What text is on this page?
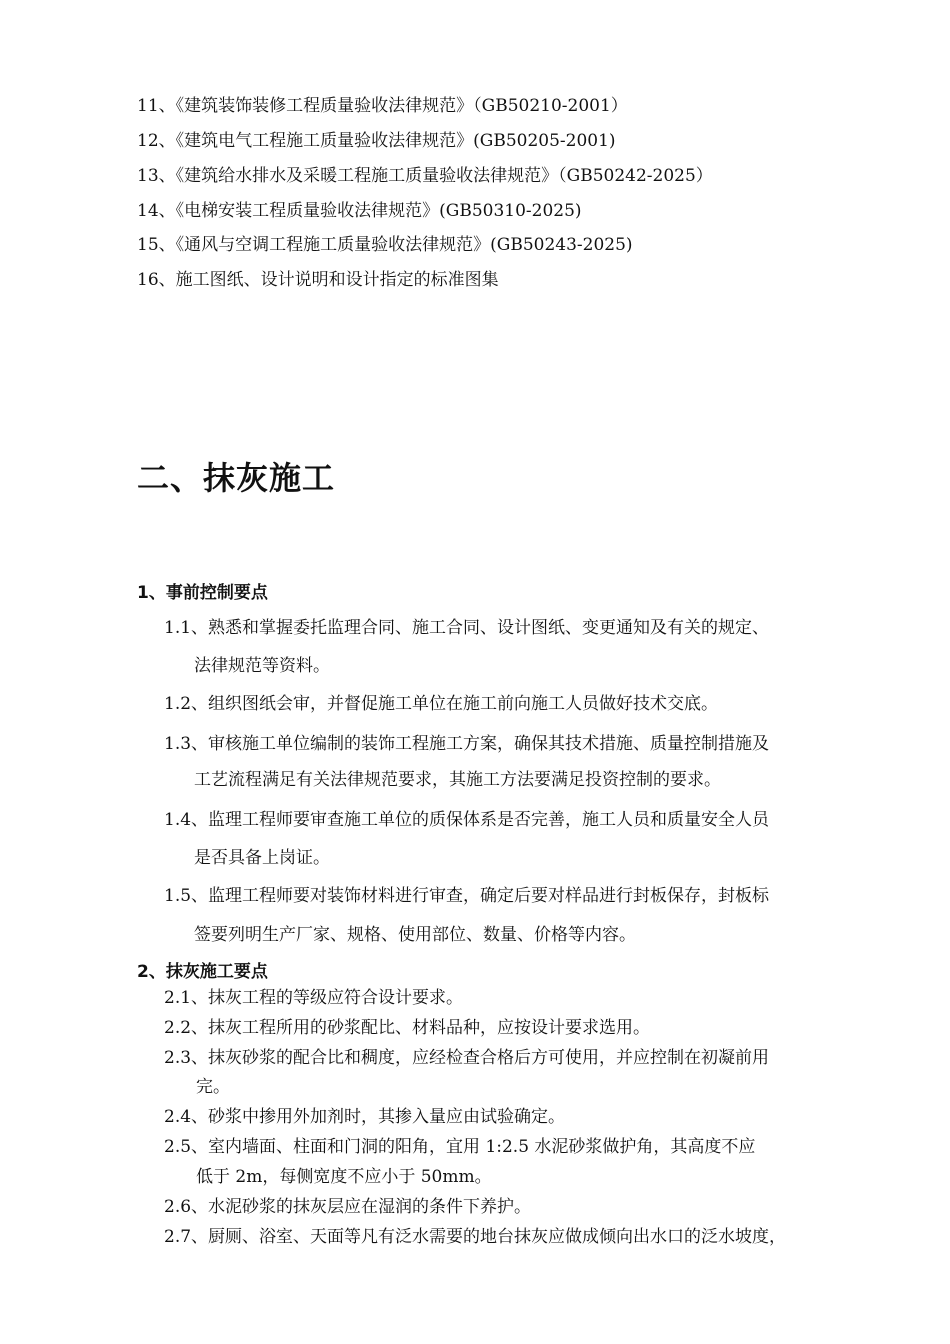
11、《建筑装饰装修工程质量验收法律规范》（GB50210-2001）
12、《建筑电气工程施工质量验收法律规范》(GB50205-2001)
13、《建筑给水排水及采暖工程施工质量验收法律规范》（GB50242-2025）
14、《电梯安装工程质量验收法律规范》(GB50310-2025)
15、《通风与空调工程施工质量验收法律规范》(GB50243-2025)
16、施工图纸、设计说明和设计指定的标准图集
二、抹灰施工
1、事前控制要点
1.1、熟悉和掌握委托监理合同、施工合同、设计图纸、变更通知及有关的规定、
法律规范等资料。
1.2、组织图纸会审，并督促施工单位在施工前向施工人员做好技术交底。
1.3、审核施工单位编制的装饰工程施工方案，确保其技术措施、质量控制措施及
工艺流程满足有关法律规范要求，其施工方法要满足投资控制的要求。
1.4、监理工程师要审查施工单位的质保体系是否完善，施工人员和质量安全人员
是否具备上岗证。
1.5、监理工程师要对装饰材料进行审查，确定后要对样品进行封板保存，封板标
签要列明生产厂家、规格、使用部位、数量、价格等内容。
2、抹灰施工要点
2.1、抹灰工程的等级应符合设计要求。
2.2、抹灰工程所用的砂浆配比、材料品种，应按设计要求选用。
2.3、抹灰砂浆的配合比和稠度，应经检查合格后方可使用，并应控制在初凝前用
完。
2.4、砂浆中掺用外加剂时，其掺入量应由试验确定。
2.5、室内墙面、柱面和门洞的阳角，宜用 1:2.5 水泥砂浆做护角，其高度不应
低于 2m，每侧宽度不应小于 50mm。
2.6、水泥砂浆的抹灰层应在湿润的条件下养护。
2.7、厨厕、浴室、天面等凡有泛水需要的地台抹灰应做成倾向出水口的泛水坡度，
